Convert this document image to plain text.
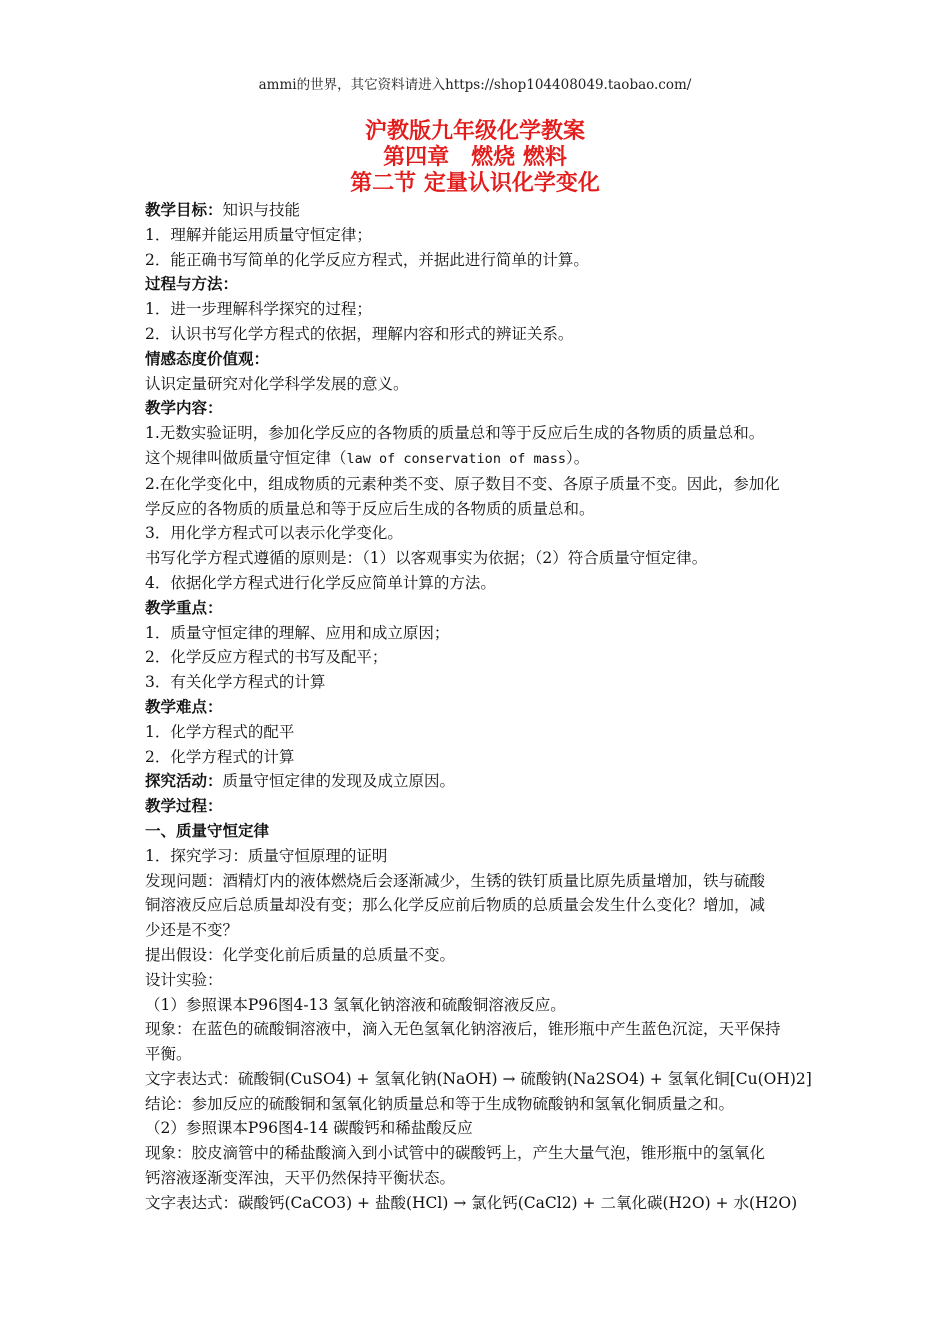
ammi的世界，其它资料请进入https://shop104408049.taobao.com/
沪教版九年级化学教案
第四章　燃烧 燃料
第二节 定量认识化学变化
教学目标：知识与技能
1．理解并能运用质量守恒定律；
2．能正确书写简单的化学反应方程式，并据此进行简单的计算。
过程与方法：
1．进一步理解科学探究的过程；
2．认识书写化学方程式的依据，理解内容和形式的辨证关系。
情感态度价值观：
认识定量研究对化学科学发展的意义。
教学内容：
1.无数实验证明，参加化学反应的各物质的质量总和等于反应后生成的各物质的质量总和。
这个规律叫做质量守恒定律（law of conservation of mass）。
2.在化学变化中，组成物质的元素种类不变、原子数目不变、各原子质量不变。因此，参加化
学反应的各物质的质量总和等于反应后生成的各物质的质量总和。
3．用化学方程式可以表示化学变化。
书写化学方程式遵循的原则是：（1）以客观事实为依据；（2）符合质量守恒定律。
4．依据化学方程式进行化学反应简单计算的方法。
教学重点：
1．质量守恒定律的理解、应用和成立原因；
2．化学反应方程式的书写及配平；
3．有关化学方程式的计算
教学难点：
1．化学方程式的配平
2．化学方程式的计算
探究活动：质量守恒定律的发现及成立原因。
教学过程：
一、质量守恒定律
1．探究学习：质量守恒原理的证明
发现问题：酒精灯内的液体燃烧后会逐渐减少，生锈的铁钉质量比原先质量增加，铁与硫酸
铜溶液反应后总质量却没有变；那么化学反应前后物质的总质量会发生什么变化？增加，减
少还是不变？
提出假设：化学变化前后质量的总质量不变。
设计实验：
（1）参照课本P96图4-13 氢氧化钠溶液和硫酸铜溶液反应。
现象：在蓝色的硫酸铜溶液中，滴入无色氢氧化钠溶液后，锥形瓶中产生蓝色沉淀，天平保持
平衡。
文字表达式：硫酸铜(CuSO4) + 氢氧化钠(NaOH) → 硫酸钠(Na2SO4) + 氢氧化铜[Cu(OH)2]
结论：参加反应的硫酸铜和氢氧化钠质量总和等于生成物硫酸钠和氢氧化铜质量之和。
（2）参照课本P96图4-14 碳酸钙和稀盐酸反应
现象：胶皮滴管中的稀盐酸滴入到小试管中的碳酸钙上，产生大量气泡，锥形瓶中的氢氧化
钙溶液逐渐变浑浊，天平仍然保持平衡状态。
文字表达式：碳酸钙(CaCO3) + 盐酸(HCl) → 氯化钙(CaCl2) + 二氧化碳(H2O) + 水(H2O)
